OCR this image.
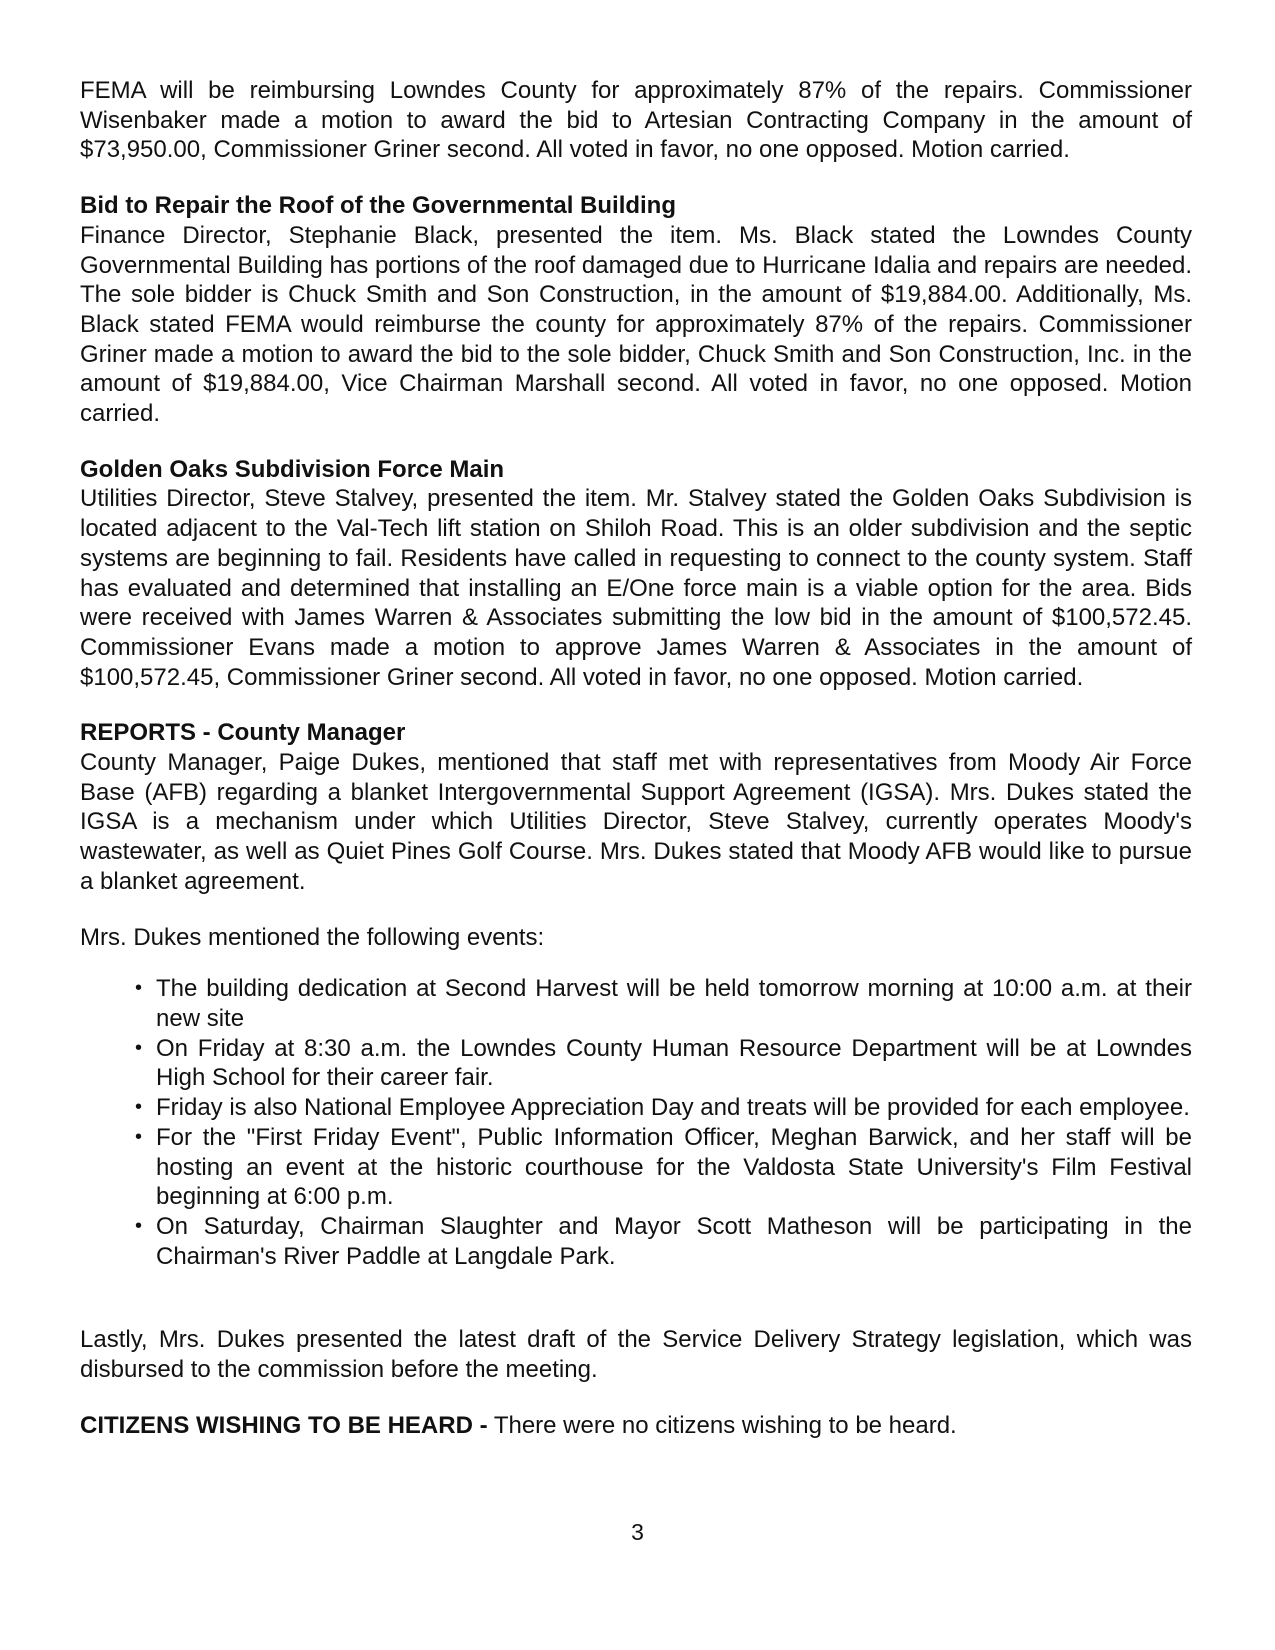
FEMA will be reimbursing Lowndes County for approximately 87% of the repairs. Commissioner Wisenbaker made a motion to award the bid to Artesian Contracting Company in the amount of $73,950.00, Commissioner Griner second. All voted in favor, no one opposed. Motion carried.

Bid to Repair the Roof of the Governmental Building

Finance Director, Stephanie Black, presented the item. Ms. Black stated the Lowndes County Governmental Building has portions of the roof damaged due to Hurricane Idalia and repairs are needed. The sole bidder is Chuck Smith and Son Construction, in the amount of $19,884.00. Additionally, Ms. Black stated FEMA would reimburse the county for approximately 87% of the repairs. Commissioner Griner made a motion to award the bid to the sole bidder, Chuck Smith and Son Construction, Inc. in the amount of $19,884.00, Vice Chairman Marshall second. All voted in favor, no one opposed. Motion carried.

Golden Oaks Subdivision Force Main

Utilities Director, Steve Stalvey, presented the item. Mr. Stalvey stated the Golden Oaks Subdivision is located adjacent to the Val-Tech lift station on Shiloh Road. This is an older subdivision and the septic systems are beginning to fail. Residents have called in requesting to connect to the county system. Staff has evaluated and determined that installing an E/One force main is a viable option for the area. Bids were received with James Warren & Associates submitting the low bid in the amount of $100,572.45. Commissioner Evans made a motion to approve James Warren & Associates in the amount of $100,572.45, Commissioner Griner second. All voted in favor, no one opposed. Motion carried.

REPORTS - County Manager

County Manager, Paige Dukes, mentioned that staff met with representatives from Moody Air Force Base (AFB) regarding a blanket Intergovernmental Support Agreement (IGSA). Mrs. Dukes stated the IGSA is a mechanism under which Utilities Director, Steve Stalvey, currently operates Moody's wastewater, as well as Quiet Pines Golf Course. Mrs. Dukes stated that Moody AFB would like to pursue a blanket agreement.

Mrs. Dukes mentioned the following events:

• The building dedication at Second Harvest will be held tomorrow morning at 10:00 a.m. at their new site
• On Friday at 8:30 a.m. the Lowndes County Human Resource Department will be at Lowndes High School for their career fair.
• Friday is also National Employee Appreciation Day and treats will be provided for each employee.
• For the "First Friday Event", Public Information Officer, Meghan Barwick, and her staff will be hosting an event at the historic courthouse for the Valdosta State University's Film Festival beginning at 6:00 p.m.
• On Saturday, Chairman Slaughter and Mayor Scott Matheson will be participating in the Chairman's River Paddle at Langdale Park.

Lastly, Mrs. Dukes presented the latest draft of the Service Delivery Strategy legislation, which was disbursed to the commission before the meeting.

CITIZENS WISHING TO BE HEARD - There were no citizens wishing to be heard.

3
